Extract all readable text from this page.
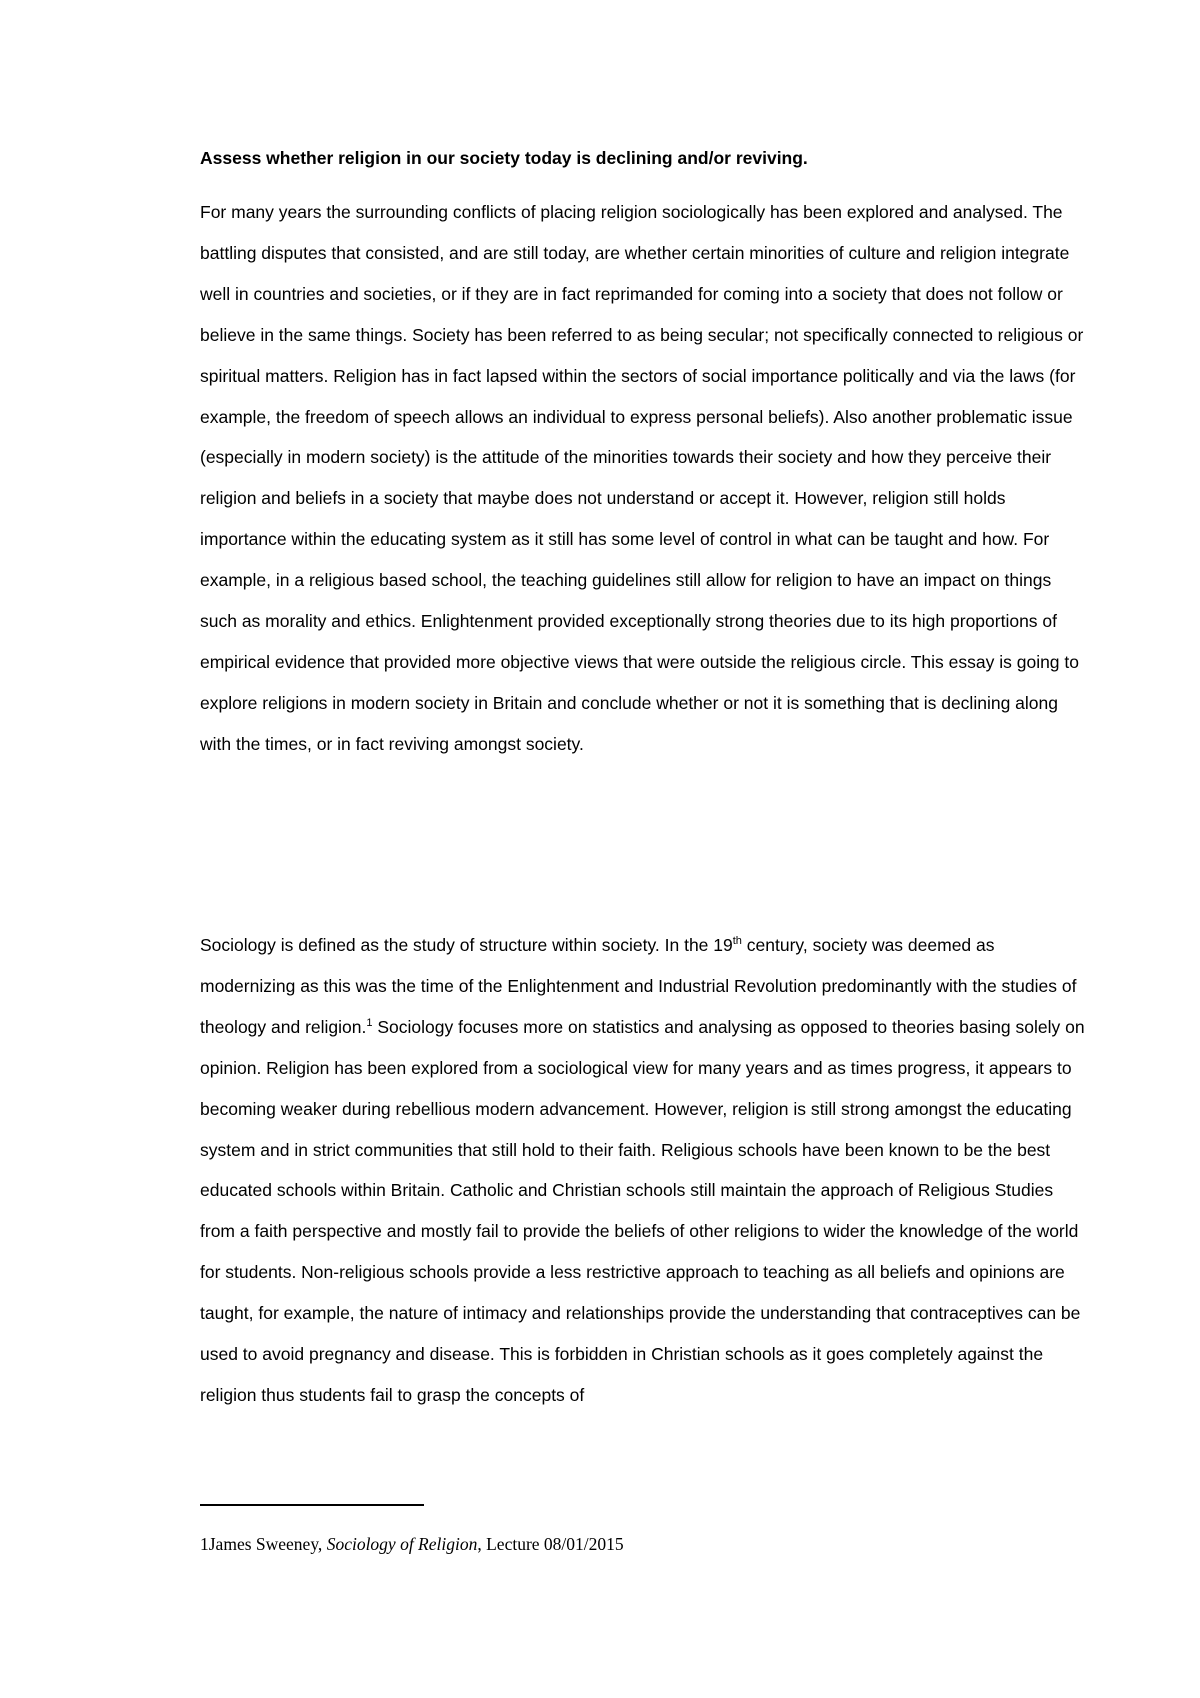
Assess whether religion in our society today is declining and/or reviving.

For many years the surrounding conflicts of placing religion sociologically has been explored and analysed. The battling disputes that consisted, and are still today, are whether certain minorities of culture and religion integrate well in countries and societies, or if they are in fact reprimanded for coming into a society that does not follow or believe in the same things. Society has been referred to as being secular; not specifically connected to religious or spiritual matters. Religion has in fact lapsed within the sectors of social importance politically and via the laws (for example, the freedom of speech allows an individual to express personal beliefs). Also another problematic issue (especially in modern society) is the attitude of the minorities towards their society and how they perceive their religion and beliefs in a society that maybe does not understand or accept it. However, religion still holds importance within the educating system as it still has some level of control in what can be taught and how. For example, in a religious based school, the teaching guidelines still allow for religion to have an impact on things such as morality and ethics. Enlightenment provided exceptionally strong theories due to its high proportions of empirical evidence that provided more objective views that were outside the religious circle. This essay is going to explore religions in modern society in Britain and conclude whether or not it is something that is declining along with the times, or in fact reviving amongst society.

Sociology is defined as the study of structure within society. In the 19th century, society was deemed as modernizing as this was the time of the Enlightenment and Industrial Revolution predominantly with the studies of theology and religion.$^1$ Sociology focuses more on statistics and analysing as opposed to theories basing solely on opinion. Religion has been explored from a sociological view for many years and as times progress, it appears to becoming weaker during rebellious modern advancement. However, religion is still strong amongst the educating system and in strict communities that still hold to their faith. Religious schools have been known to be the best educated schools within Britain. Catholic and Christian schools still maintain the approach of Religious Studies from a faith perspective and mostly fail to provide the beliefs of other religions to wider the knowledge of the world for students. Non-religious schools provide a less restrictive approach to teaching as all beliefs and opinions are taught, for example, the nature of intimacy and relationships provide the understanding that contraceptives can be used to avoid pregnancy and disease. This is forbidden in Christian schools as it goes completely against the religion thus students fail to grasp the concepts of

1James Sweeney, Sociology of Religion, Lecture 08/01/2015
